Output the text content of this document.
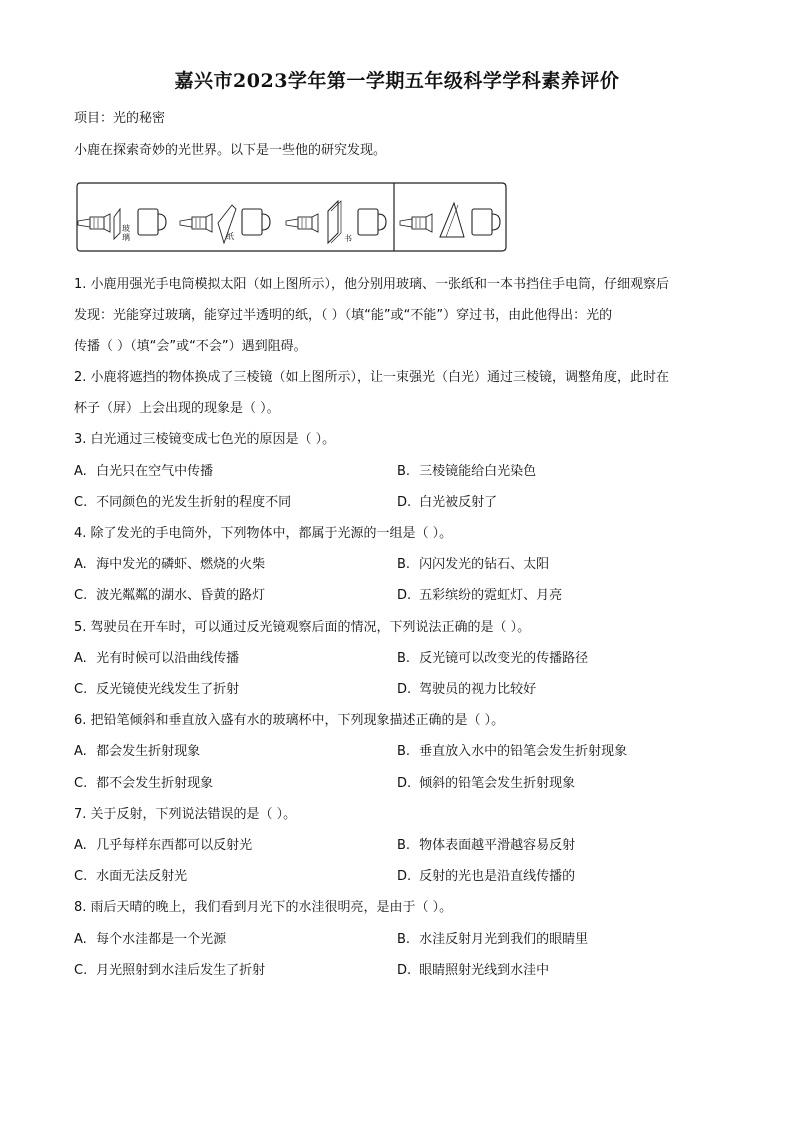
嘉兴市2023学年第一学期五年级科学学科素养评价
项目：光的秘密
小鹿在探索奇妙的光世界。以下是一些他的研究发现。
玻
璃	纸	书
1. 小鹿用强光手电筒模拟太阳（如上图所示），他分别用玻璃、一张纸和一本书挡住手电筒，仔细观察后
发现：光能穿过玻璃，能穿过半透明的纸，（ ）（填“能”或“不能”）穿过书，由此他得出：光的
传播（ ）（填“会”或“不会”）遇到阻碍。
2. 小鹿将遮挡的物体换成了三棱镜（如上图所示），让一束强光（白光）通过三棱镜，调整角度，此时在
杯子（屏）上会出现的现象是（ ）。
3. 白光通过三棱镜变成七色光的原因是（ ）。
A. 白光只在空气中传播	B. 三棱镜能给白光染色
C. 不同颜色的光发生折射的程度不同	D. 白光被反射了
4. 除了发光的手电筒外，下列物体中，都属于光源的一组是（ ）。
A. 海中发光的磷虾、燃烧的火柴	B. 闪闪发光的钻石、太阳
C. 波光粼粼的湖水、昏黄的路灯	D. 五彩缤纷的霓虹灯、月亮
5. 驾驶员在开车时，可以通过反光镜观察后面的情况，下列说法正确的是（ ）。
A. 光有时候可以沿曲线传播	B. 反光镜可以改变光的传播路径
C. 反光镜使光线发生了折射	D. 驾驶员的视力比较好
6. 把铅笔倾斜和垂直放入盛有水的玻璃杯中，下列现象描述正确的是（ ）。
A. 都会发生折射现象	B. 垂直放入水中的铅笔会发生折射现象
C. 都不会发生折射现象	D. 倾斜的铅笔会发生折射现象
7. 关于反射，下列说法错误的是（ ）。
A. 几乎每样东西都可以反射光	B. 物体表面越平滑越容易反射
C. 水面无法反射光	D. 反射的光也是沿直线传播的
8. 雨后天晴的晚上，我们看到月光下的水洼很明亮，是由于（ ）。
A. 每个水洼都是一个光源	B. 水洼反射月光到我们的眼睛里
C. 月光照射到水洼后发生了折射	D. 眼睛照射光线到水洼中
